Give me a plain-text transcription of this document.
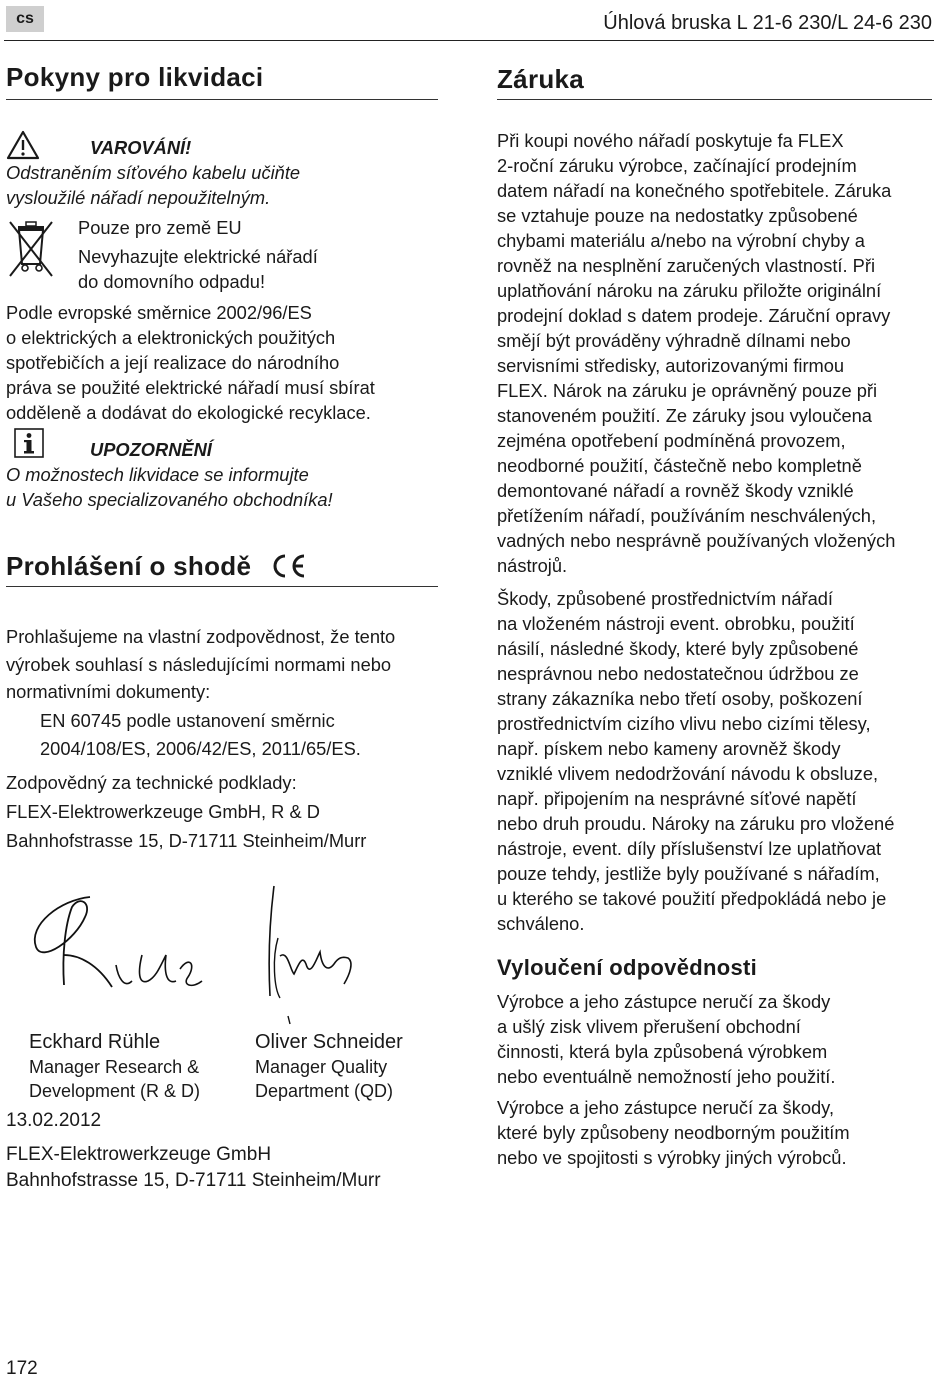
cs	Úhlová bruska L 21-6 230/L 24-6 230
Pokyny pro likvidaci
VAROVÁNÍ!
Odstraněním síťového kabelu učiňte
vysloužilé nářadí nepoužitelným.
Pouze pro země EU
Nevyhazujte elektrické nářadí
do domovního odpadu!
Podle evropské směrnice 2002/96/ES
o elektrických a elektronických použitých
spotřebičích a její realizace do národního
práva se použité elektrické nářadí musí sbírat
odděleně a dodávat do ekologické recyklace.
UPOZORNĚNÍ
O možnostech likvidace se informujte
u Vašeho specializovaného obchodníka!
Prohlášení o shodě
Prohlašujeme na vlastní zodpovědnost, že tento
výrobek souhlasí s následujícími normami nebo
normativními dokumenty:
EN 60745 podle ustanovení směrnic
2004/108/ES, 2006/42/ES, 2011/65/ES.
Zodpovědný za technické podklady:
FLEX-Elektrowerkzeuge GmbH, R & D
Bahnhofstrasse 15, D-71711 Steinheim/Murr
Eckhard Rühle
Manager Research &
Development (R & D)
Oliver Schneider
Manager Quality
Department (QD)
13.02.2012
FLEX-Elektrowerkzeuge GmbH
Bahnhofstrasse 15, D-71711 Steinheim/Murr
Záruka
Při koupi nového nářadí poskytuje fa FLEX
2-roční záruku výrobce, začínající prodejním
datem nářadí na konečného spotřebitele. Záruka
se vztahuje pouze na nedostatky způsobené
chybami materiálu a/nebo na výrobní chyby a
rovněž na nesplnění zaručených vlastností. Při
uplatňování nároku na záruku přiložte originální
prodejní doklad s datem prodeje. Záruční opravy
smějí být prováděny výhradně dílnami nebo
servisními středisky, autorizovanými firmou
FLEX. Nárok na záruku je oprávněný pouze při
stanoveném použití. Ze záruky jsou vyloučena
zejména opotřebení podmíněná provozem,
neodborné použití, částečně nebo kompletně
demontované nářadí a rovněž škody vzniklé
přetížením nářadí, používáním neschválených,
vadných nebo nesprávně používaných vložených
nástrojů.
Škody, způsobené prostřednictvím nářadí
na vloženém nástroji event. obrobku, použití
násilí, následné škody, které byly způsobené
nesprávnou nebo nedostatečnou údržbou ze
strany zákazníka nebo třetí osoby, poškození
prostřednictvím cizího vlivu nebo cizími tělesy,
např. pískem nebo kameny arovněž škody
vzniklé vlivem nedodržování návodu k obsluze,
např. připojením na nesprávné síťové napětí
nebo druh proudu. Nároky na záruku pro vložené
nástroje, event. díly příslušenství lze uplatňovat
pouze tehdy, jestliže byly používané s nářadím,
u kterého se takové použití předpokládá nebo je
schváleno.
Vyloučení odpovědnosti
Výrobce a jeho zástupce neručí za škody
a ušlý zisk vlivem přerušení obchodní
činnosti, která byla způsobená výrobkem
nebo eventuálně nemožností jeho použití.
Výrobce a jeho zástupce neručí za škody,
které byly způsobeny neodborným použitím
nebo ve spojitosti s výrobky jiných výrobců.
172
